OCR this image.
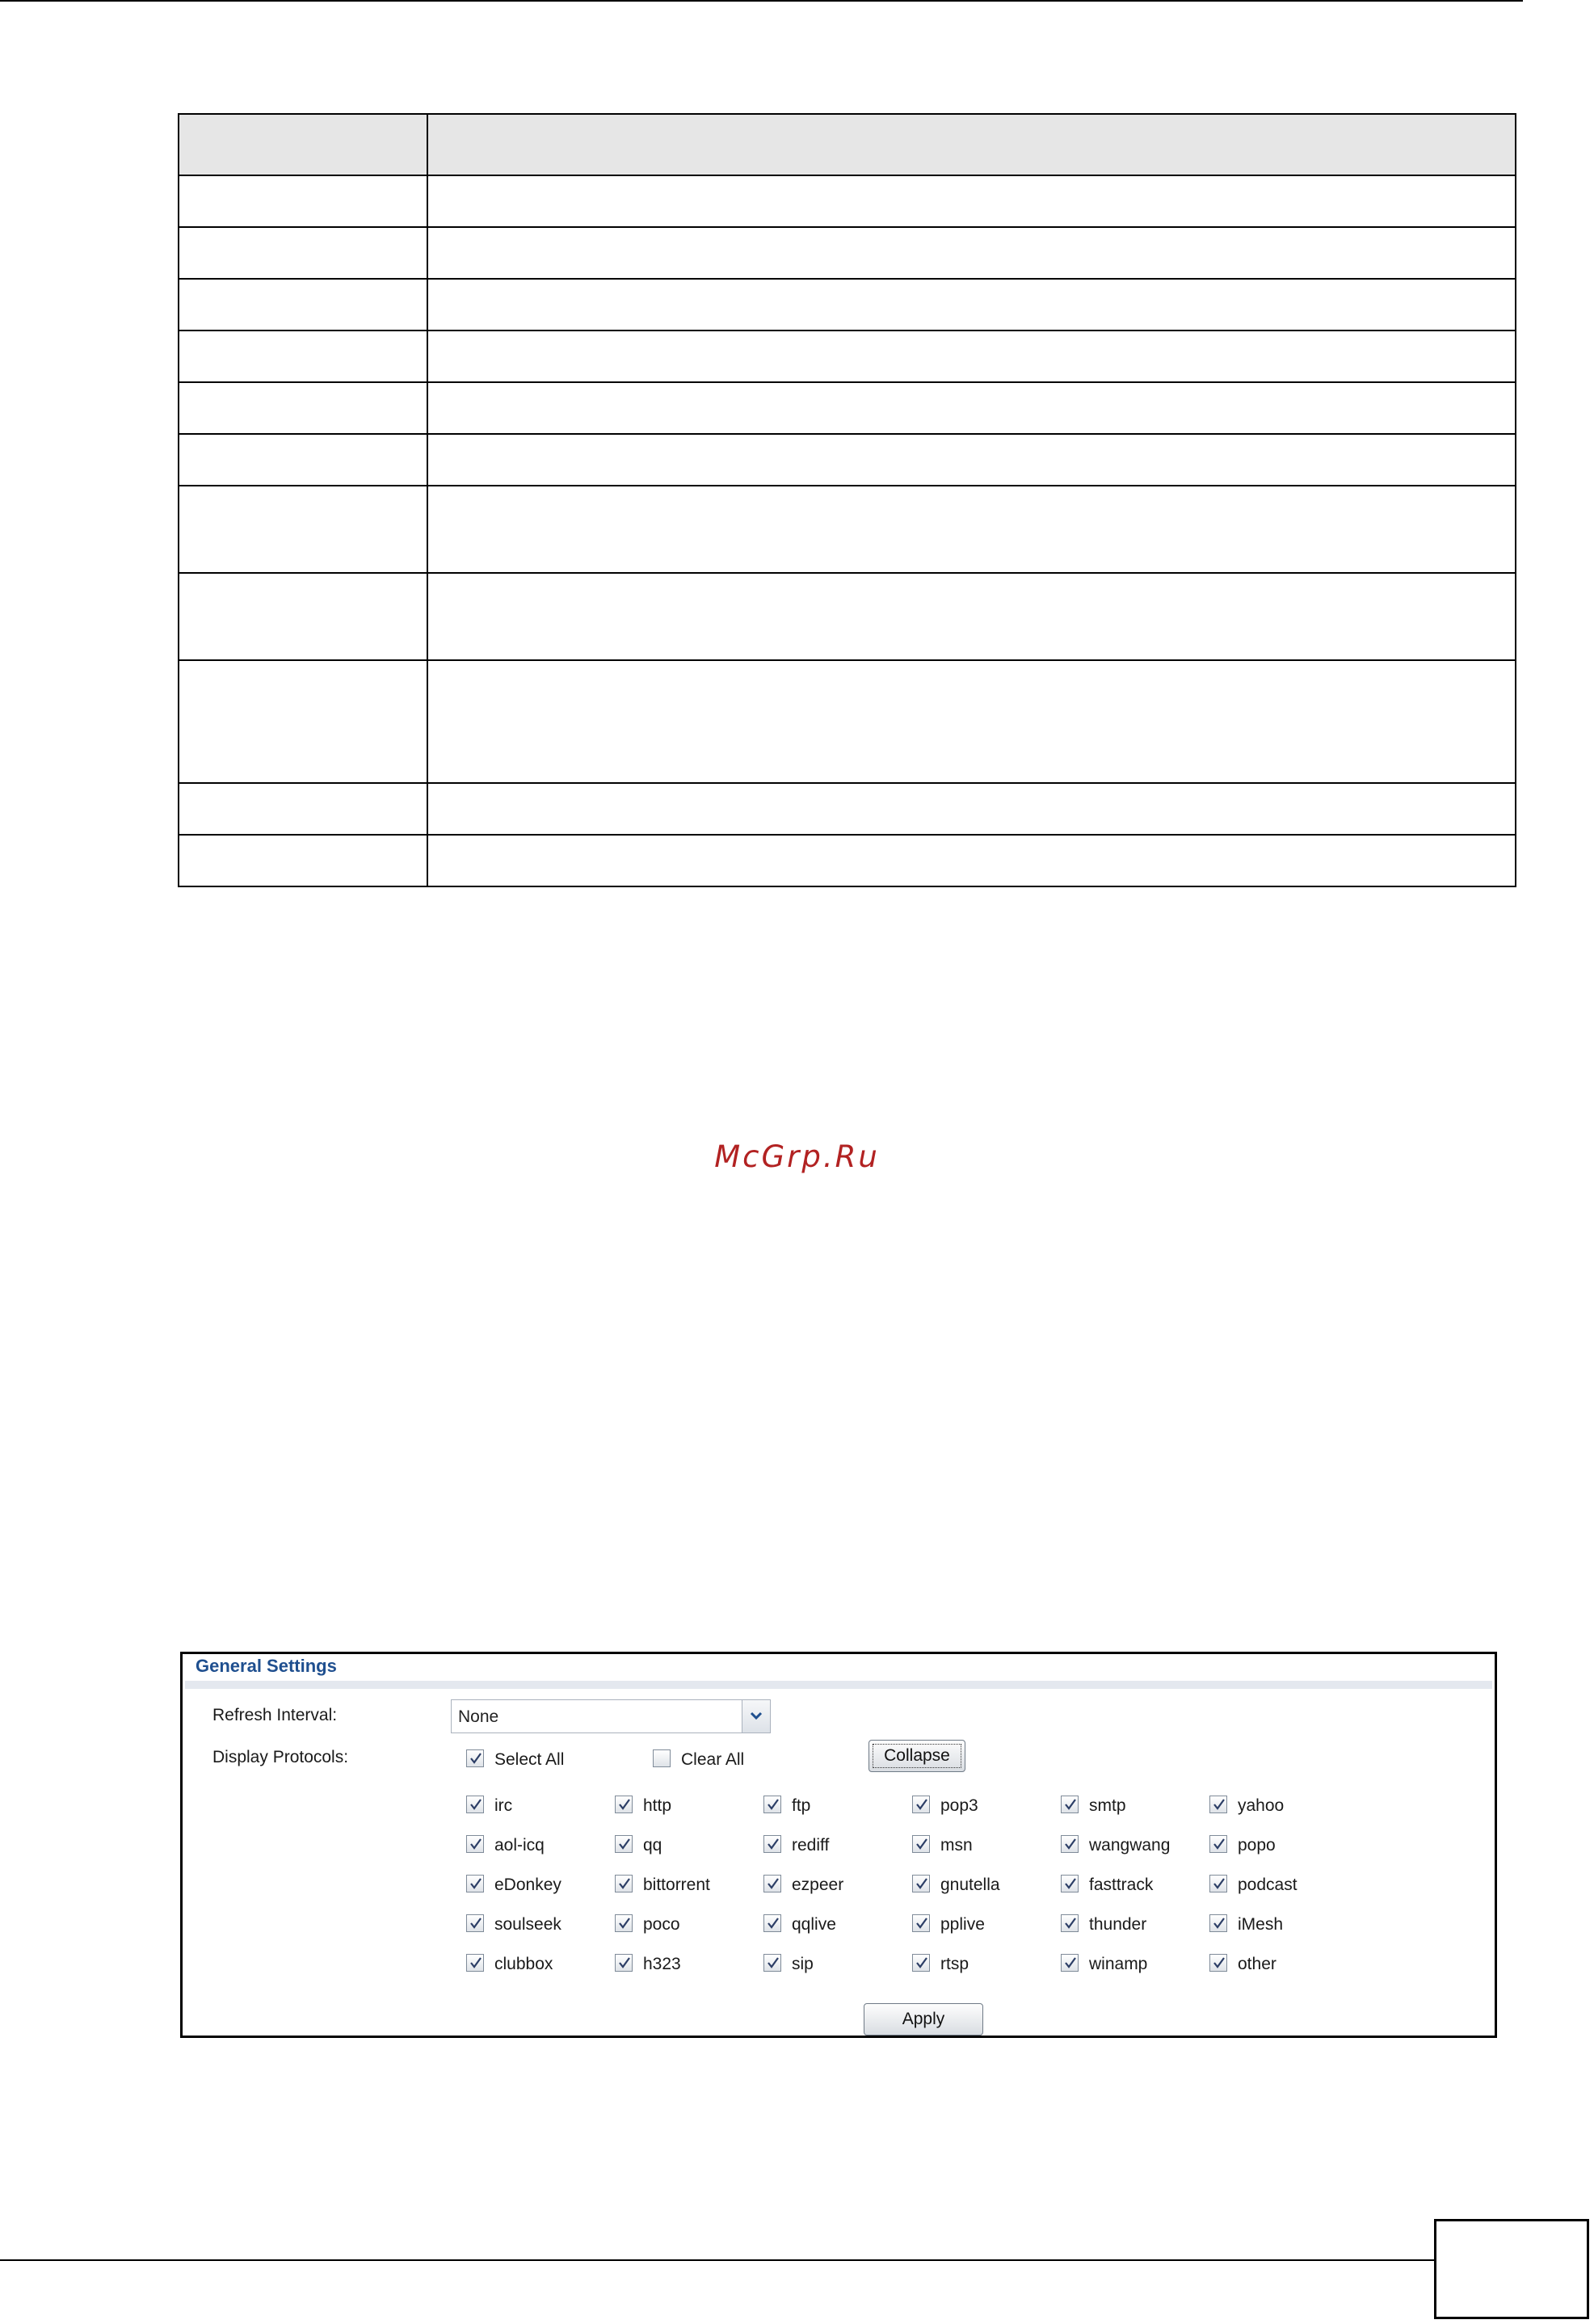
McGrp.Ru
General Settings
Refresh Interval:	None
Display Protocols:	Select All	Clear All	Collapse
irc	http	ftp	pop3	smtp	yahoo
aol-icq	qq	rediff	msn	wangwang	popo
eDonkey	bittorrent	ezpeer	gnutella	fasttrack	podcast
soulseek	poco	qqlive	pplive	thunder	iMesh
clubbox	h323	sip	rtsp	winamp	other
Apply
